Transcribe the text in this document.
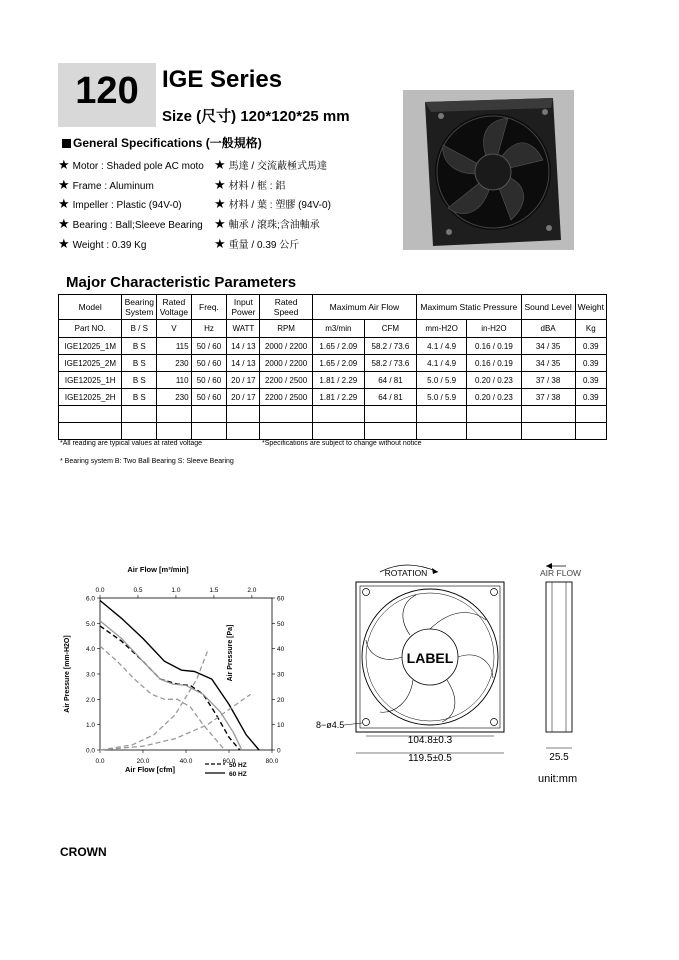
120 IGE Series
Size (尺寸) 120*120*25 mm
General Specifications (一般規格)
★ Motor : Shaded pole AC moto ★ 馬達 / 交流蔽極式馬達
★ Frame : Aluminum	★ 材料 / 框 : 鋁
★ Impeller : Plastic (94V-0) ★ 材料 / 葉 : 塑膠 (94V-0)
★ Bearing : Ball;Sleeve Bearing ★ 軸承 / 滾珠;含油軸承
★ Weight : 0.39 Kg	★ 重量 / 0.39 公斤
Major Characteristic Parameters
Model	Bearing System	Rated Voltage	Freq.	Input Power	Rated Speed	Maximum Air Flow		Maximum Static Pressure		Sound Level	Weight
Part NO.	B / S	V	Hz	WATT	RPM	m3/min	CFM	mm-H2O	in-H2O	dBA	Kg
IGE12025_1M	B S	115	50 / 60	14 / 13	2000 / 2200	1.65 / 2.09	58.2 / 73.6	4.1 / 4.9	0.16 / 0.19	34 / 35	0.39
IGE12025_2M	B S	230	50 / 60	14 / 13	2000 / 2200	1.65 / 2.09	58.2 / 73.6	4.1 / 4.9	0.16 / 0.19	34 / 35	0.39
IGE12025_1H	B S	110	50 / 60	20 / 17	2200 / 2500	1.81 / 2.29	64 / 81	5.0 / 5.9	0.20 / 0.23	37 / 38	0.39
IGE12025_2H	B S	230	50 / 60	20 / 17	2200 / 2500	1.81 / 2.29	64 / 81	5.0 / 5.9	0.20 / 0.23	37 / 38	0.39

*All reading are typical values at rated voltage	*Specifications are subject to change without notice
* Bearing system B: Two Ball Bearing S: Sleeve Bearing
0.0	20.0	40.0	60.0	80.0
0.0	0.5	1.0	1.5	2.0
0.0
1.0
2.0
3.0
4.0
5.0
6.0
0
10
20
30
40
50
60
Air Flow [m³/min]
Air Flow [cfm]
Air Pressure [mm-H2O]	Air Pressure [Pa]
50 HZ
60 HZ
ROTATION
LABEL
8−ø4.5
104.8±0.3
119.5±0.5
AIR FLOW
25.5
unit:mm
CROWN
